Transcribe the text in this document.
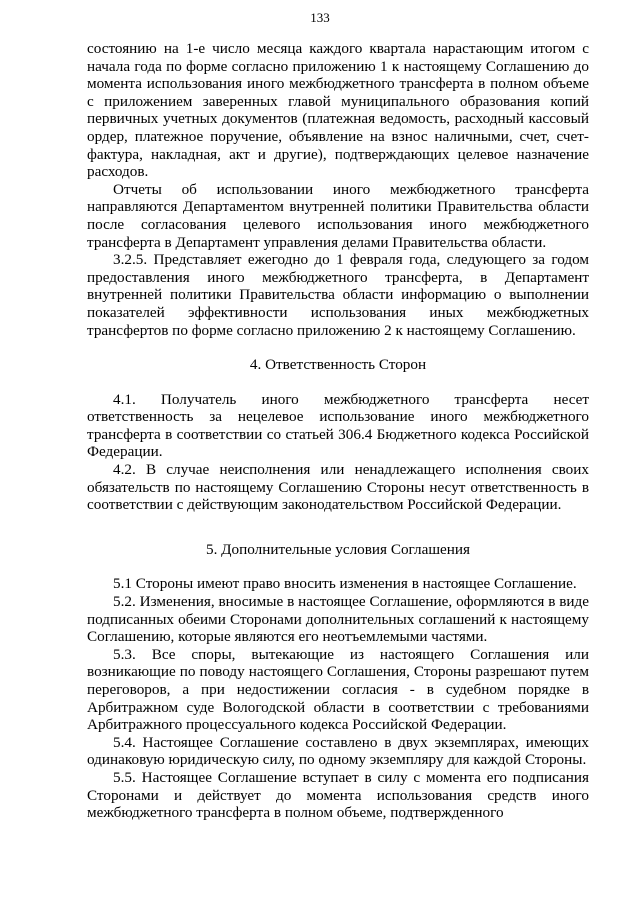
133

состоянию на 1-е число месяца каждого квартала нарастающим итогом с начала года по форме согласно приложению 1 к настоящему Соглашению до момента использования иного межбюджетного трансферта в полном объеме с приложением заверенных главой муниципального образования копий первичных учетных документов (платежная ведомость, расходный кассовый ордер, платежное поручение, объявление на взнос наличными, счет, счет-фактура, накладная, акт и другие), подтверждающих целевое назначение расходов.

Отчеты об использовании иного межбюджетного трансферта направляются Департаментом внутренней политики Правительства области после согласования целевого использования иного межбюджетного трансферта в Департамент управления делами Правительства области.

3.2.5. Представляет ежегодно до 1 февраля года, следующего за годом предоставления иного межбюджетного трансферта, в Департамент внутренней политики Правительства области информацию о выполнении показателей эффективности использования иных межбюджетных трансфертов по форме согласно приложению 2 к настоящему Соглашению.

4. Ответственность Сторон

4.1. Получатель иного межбюджетного трансферта несет ответственность за нецелевое использование иного межбюджетного трансферта в соответствии со статьей 306.4 Бюджетного кодекса Российской Федерации.

4.2. В случае неисполнения или ненадлежащего исполнения своих обязательств по настоящему Соглашению Стороны несут ответственность в соответствии с действующим законодательством Российской Федерации.

5. Дополнительные условия Соглашения

5.1 Стороны имеют право вносить изменения в настоящее Соглашение.

5.2. Изменения, вносимые в настоящее Соглашение, оформляются в виде подписанных обеими Сторонами дополнительных соглашений к настоящему Соглашению, которые являются его неотъемлемыми частями.

5.3. Все споры, вытекающие из настоящего Соглашения или возникающие по поводу настоящего Соглашения, Стороны разрешают путем переговоров, а при недостижении согласия - в судебном порядке в Арбитражном суде Вологодской области в соответствии с требованиями Арбитражного процессуального кодекса Российской Федерации.

5.4. Настоящее Соглашение составлено в двух экземплярах, имеющих одинаковую юридическую силу, по одному экземпляру для каждой Стороны.

5.5. Настоящее Соглашение вступает в силу с момента его подписания Сторонами и действует до момента использования средств иного межбюджетного трансферта в полном объеме, подтвержденного
